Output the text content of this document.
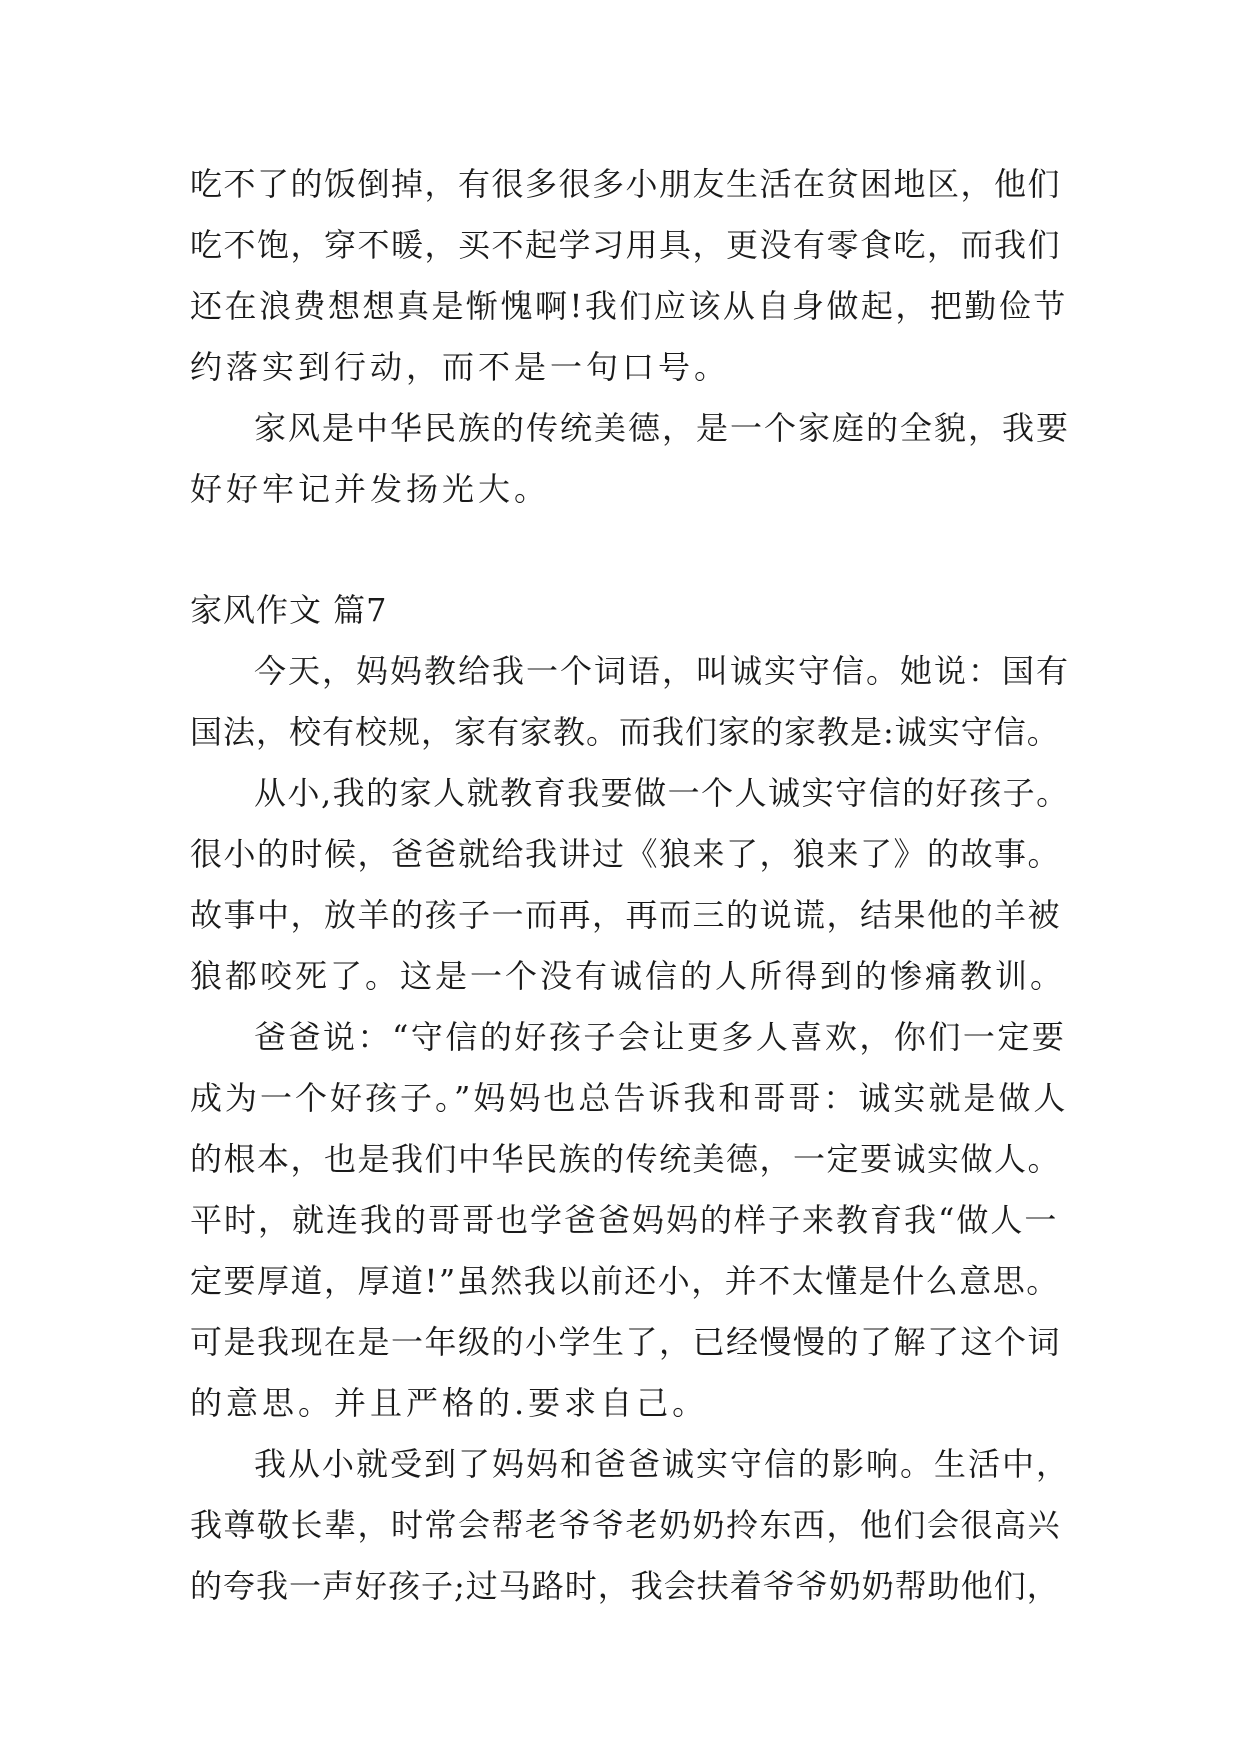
吃不了的饭倒掉，有很多很多小朋友生活在贫困地区，他们
吃不饱，穿不暖，买不起学习用具，更没有零食吃，而我们
还在浪费想想真是惭愧啊!我们应该从自身做起，把勤俭节
约落实到行动，而不是一句口号。
家风是中华民族的传统美德，是一个家庭的全貌，我要
好好牢记并发扬光大。
家风作文 篇7
今天，妈妈教给我一个词语，叫诚实守信。她说：国有
国法，校有校规，家有家教。而我们家的家教是:诚实守信。
从小,我的家人就教育我要做一个人诚实守信的好孩子。
很小的时候，爸爸就给我讲过《狼来了，狼来了》的故事。
故事中，放羊的孩子一而再，再而三的说谎，结果他的羊被
狼都咬死了。这是一个没有诚信的人所得到的惨痛教训。
爸爸说：“守信的好孩子会让更多人喜欢，你们一定要
成为一个好孩子。”妈妈也总告诉我和哥哥：诚实就是做人
的根本，也是我们中华民族的传统美德，一定要诚实做人。
平时，就连我的哥哥也学爸爸妈妈的样子来教育我“做人一
定要厚道，厚道!”虽然我以前还小，并不太懂是什么意思。
可是我现在是一年级的小学生了，已经慢慢的了解了这个词
的意思。并且严格的.要求自己。
我从小就受到了妈妈和爸爸诚实守信的影响。生活中，
我尊敬长辈，时常会帮老爷爷老奶奶拎东西，他们会很高兴
的夸我一声好孩子;过马路时，我会扶着爷爷奶奶帮助他们，
